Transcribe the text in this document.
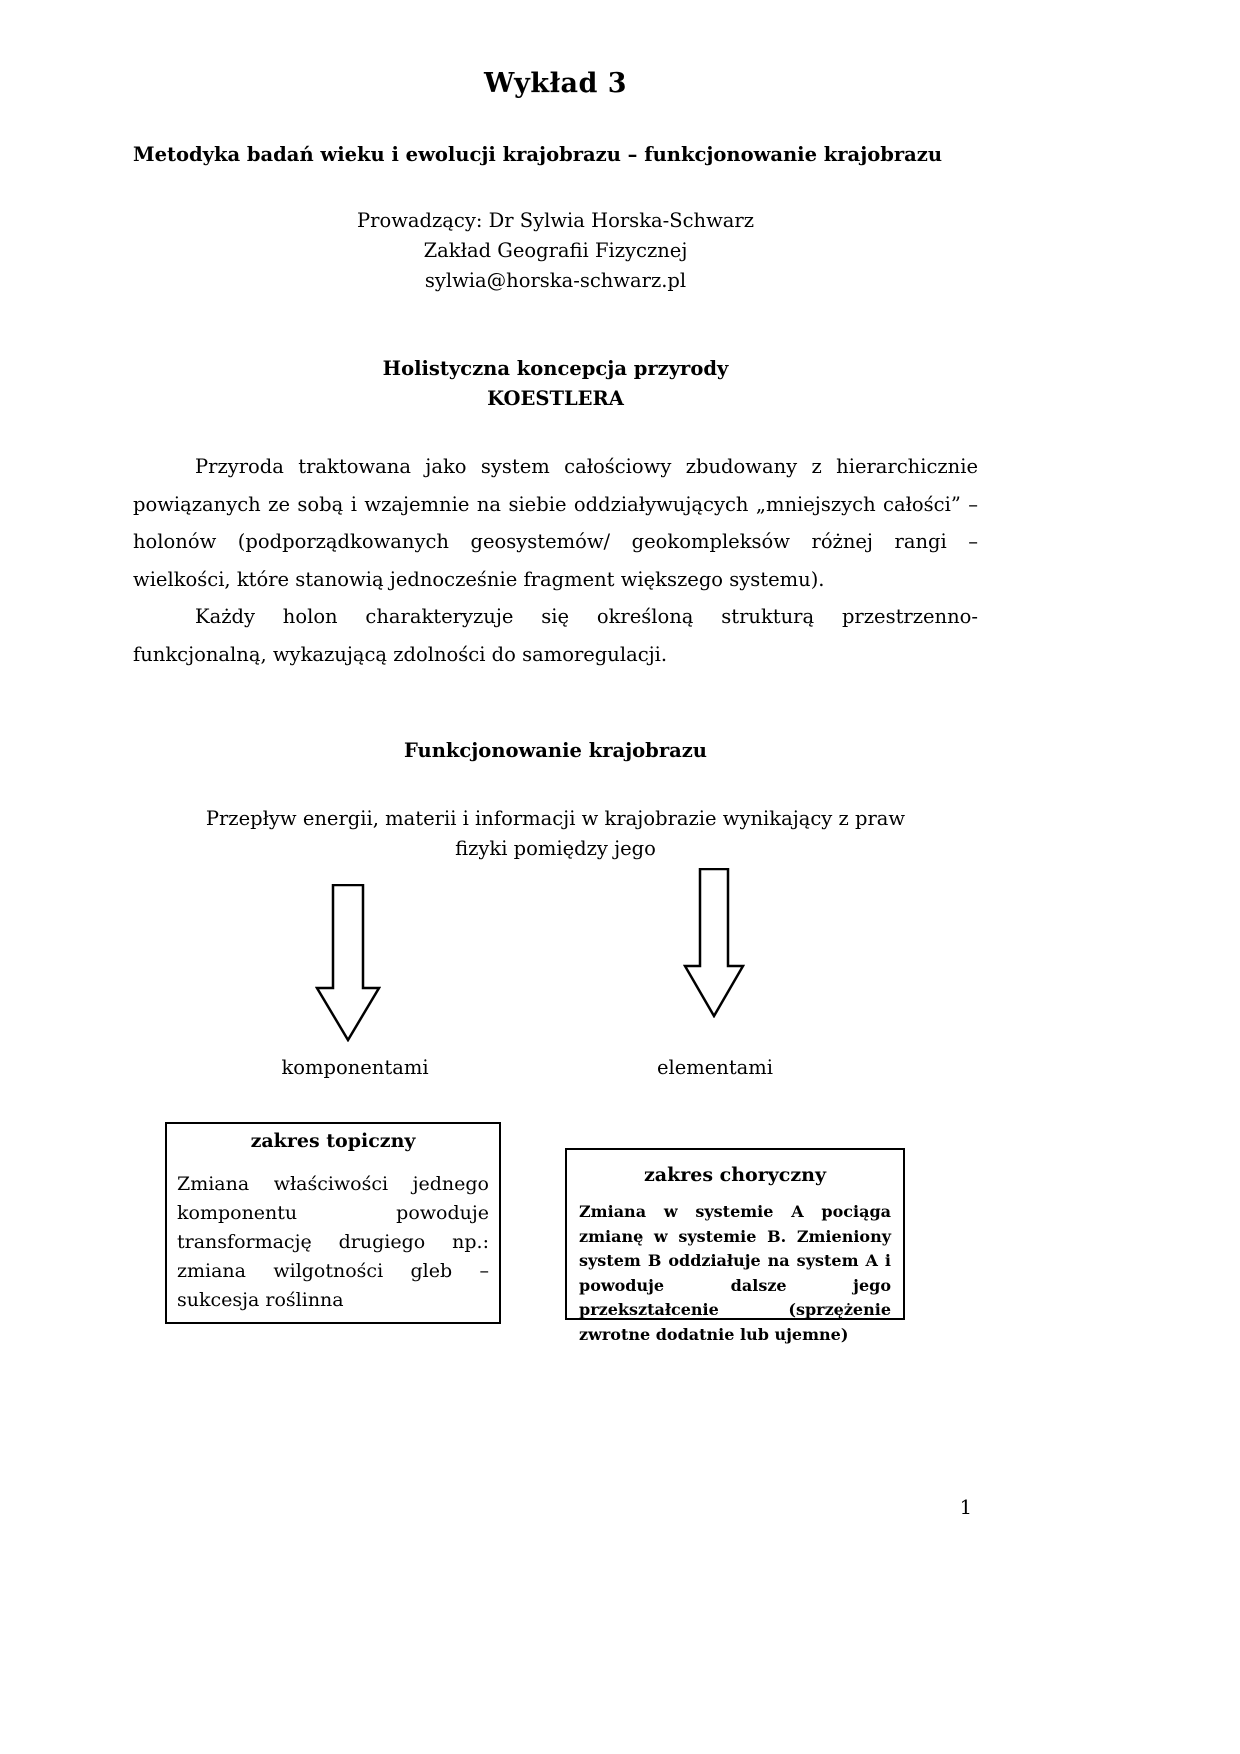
Wykład 3
Metodyka badań wieku i ewolucji krajobrazu – funkcjonowanie krajobrazu
Prowadzący: Dr Sylwia Horska-Schwarz
Zakład Geografii Fizycznej
sylwia@horska-schwarz.pl
Holistyczna koncepcja przyrody
KOESTLERA

Przyroda traktowana jako system całościowy zbudowany z hierarchicznie powiązanych ze sobą i wzajemnie na siebie oddziaływujących „mniejszych całości” – holonów (podporządkowanych geosystemów/ geokompleksów różnej rangi – wielkości, które stanowią jednocześnie fragment większego systemu).

Każdy holon charakteryzuje się określoną strukturą przestrzenno-funkcjonalną, wykazującą zdolności do samoregulacji.

Funkcjonowanie krajobrazu

Przepływ energii, materii i informacji w krajobrazie wynikający z praw fizyki pomiędzy jego

komponentami	elementami
zakres topiczny
Zmiana właściwości jednego komponentu powoduje transformację drugiego np.: zmiana wilgotności gleb – sukcesja roślinna
zakres choryczny
Zmiana w systemie A pociąga zmianę w systemie B. Zmieniony system B oddziałuje na system A i powoduje dalsze jego przekształcenie (sprzężenie zwrotne dodatnie lub ujemne)
1
